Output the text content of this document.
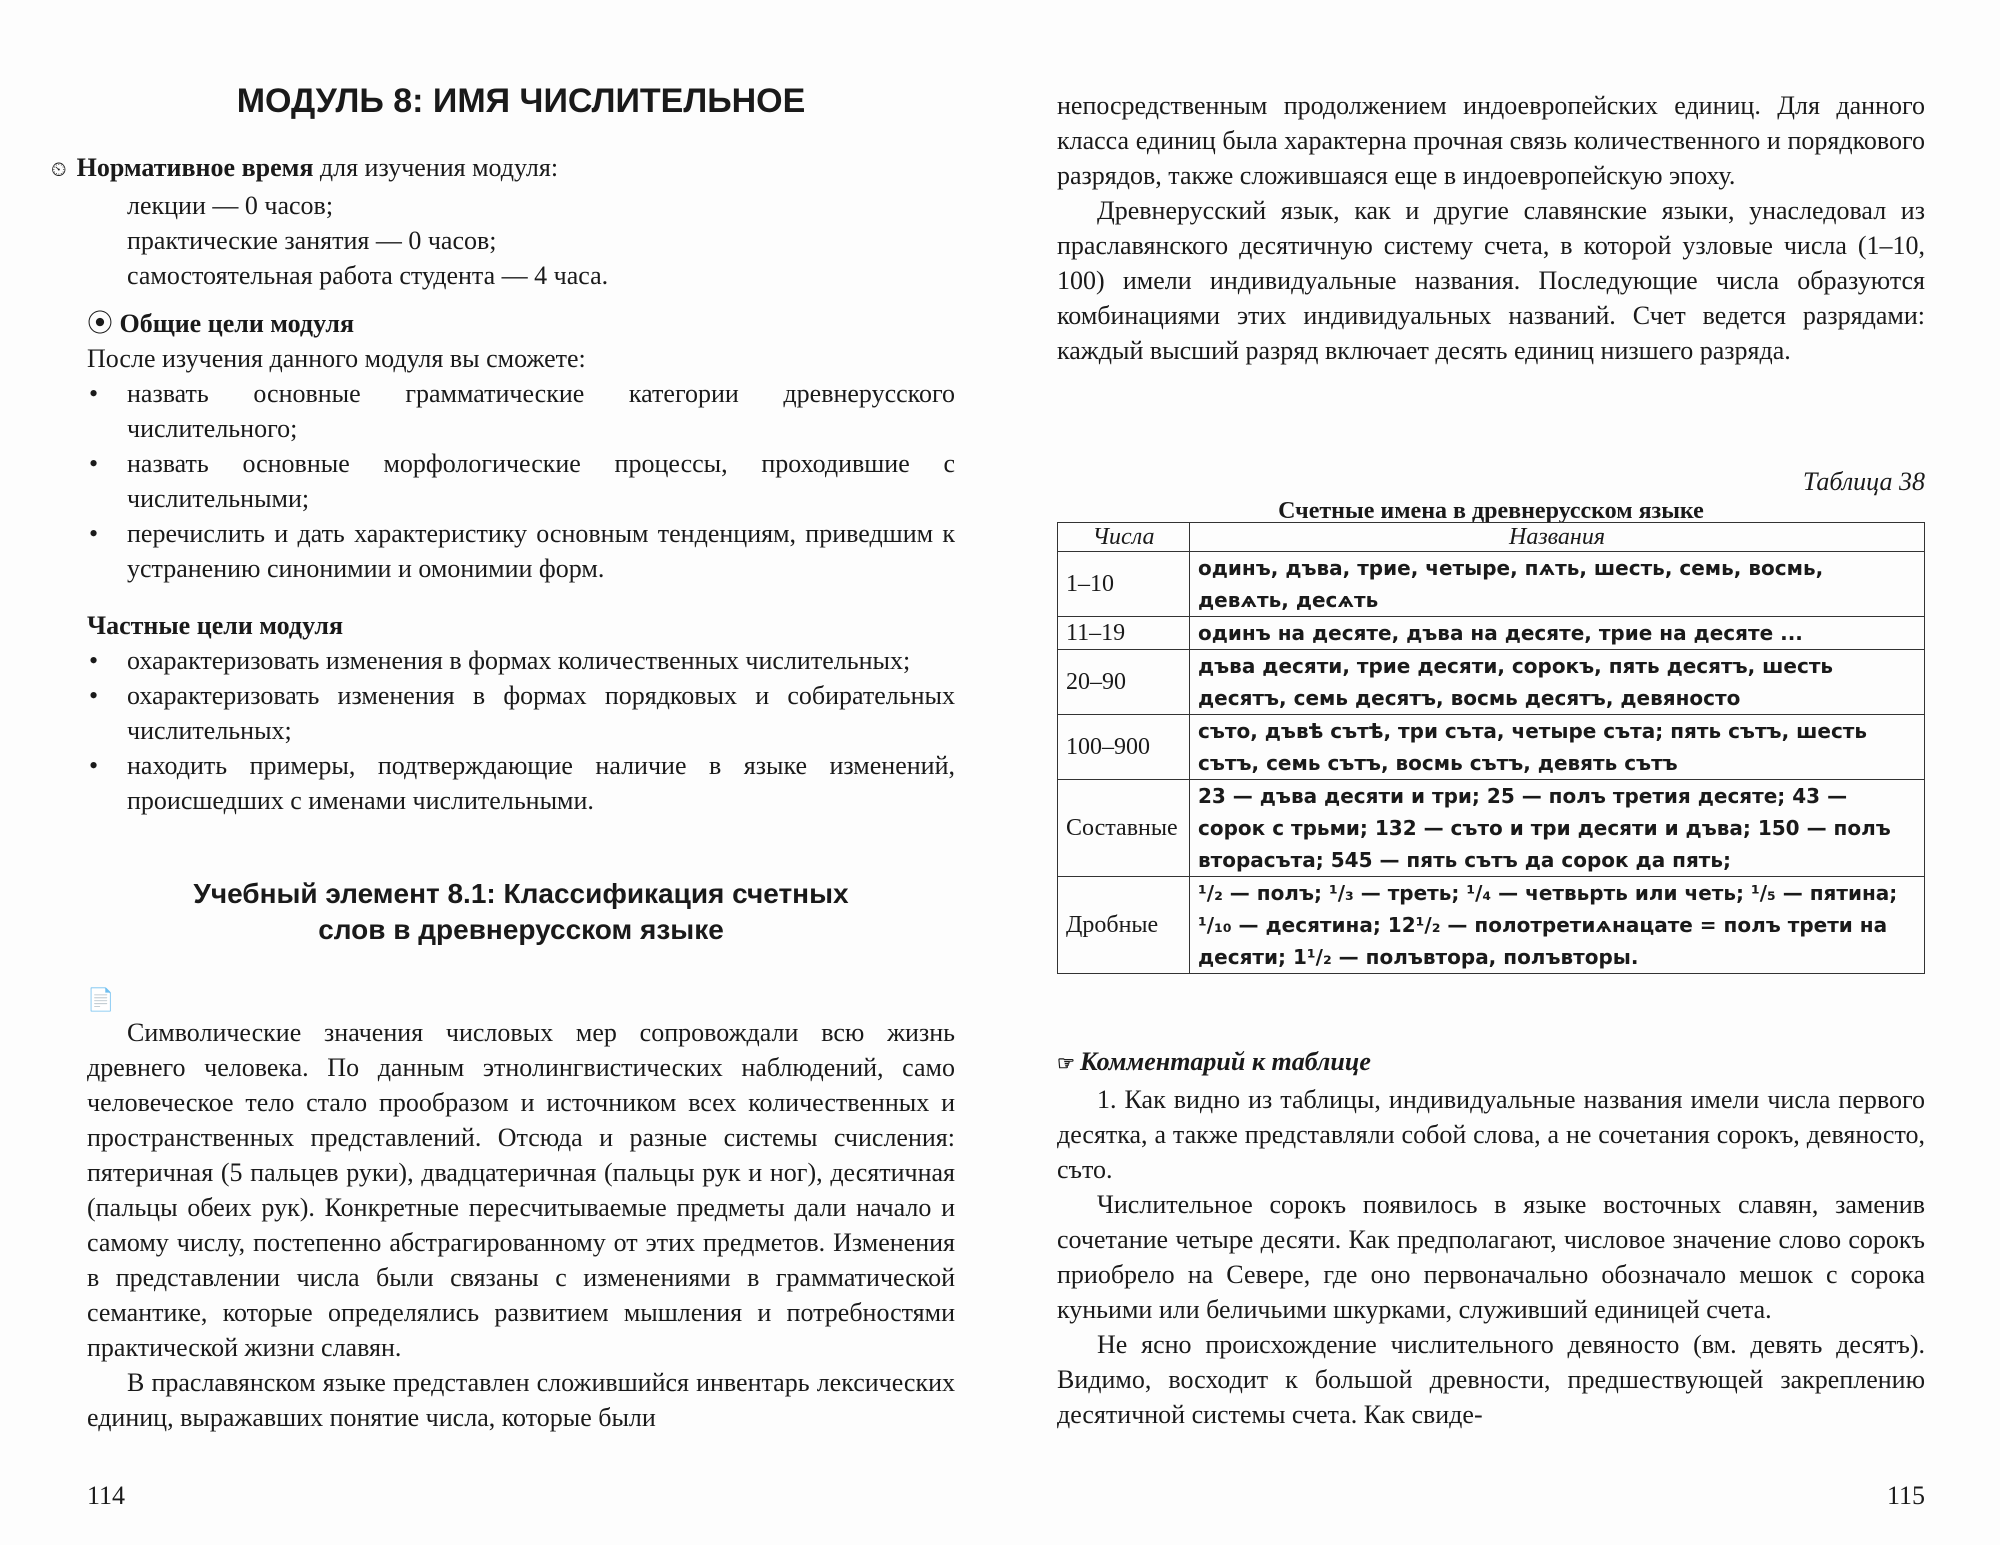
МОДУЛЬ 8: ИМЯ ЧИСЛИТЕЛЬНОЕ

⏲ Нормативное время для изучения модуля:

лекции — 0 часов;

практические занятия — 0 часов;

самостоятельная работа студента — 4 часа.

⦿ Общие цели модуля

После изучения данного модуля вы сможете:

• назвать основные грамматические категории древнерусского числительного;
• назвать основные морфологические процессы, проходившие с числительными;
• перечислить и дать характеристику основным тенденциям, приведшим к устранению синонимии и омонимии форм.

Частные цели модуля

• охарактеризовать изменения в формах количественных числительных;
• охарактеризовать изменения в формах порядковых и собирательных числительных;
• находить примеры, подтверждающие наличие в языке изменений, происшедших с именами числительными.
Учебный элемент 8.1: Классификация счетных слов в древнерусском языке
📄

Символические значения числовых мер сопровождали всю жизнь древнего человека. По данным этнолингвистических наблюдений, само человеческое тело стало прообразом и источником всех количественных и пространственных представлений. Отсюда и разные системы счисления: пятеричная (5 пальцев руки), двадцатеричная (пальцы рук и ног), десятичная (пальцы обеих рук). Конкретные пересчитываемые предметы дали начало и самому числу, постепенно абстрагированному от этих предметов. Изменения в представлении числа были связаны с изменениями в грамматической семантике, которые определялись развитием мышления и потребностями практической жизни славян.

В праславянском языке представлен сложившийся инвентарь лексических единиц, выражавших понятие числа, которые были

114

непосредственным продолжением индоевропейских единиц. Для данного класса единиц была характерна прочная связь количественного и порядкового разрядов, также сложившаяся еще в индоевропейскую эпоху.

Древнерусский язык, как и другие славянские языки, унаследовал из праславянского десятичную систему счета, в которой узловые числа (1–10, 100) имели индивидуальные названия. Последующие числа образуются комбинациями этих индивидуальных названий. Счет ведется разрядами: каждый высший разряд включает десять единиц низшего разряда.

Таблица 38

Счетные имена в древнерусском языке

Числа	Названия
1–10	одинъ, дъва, трие, четыре, пѧть, шесть, семь, восмь, девѧть, десѧть
11–19	одинъ на десяте, дъва на десяте, трие на десяте ...
20–90	дъва десяти, трие десяти, сорокъ, пять десятъ, шесть десятъ, семь десятъ, восмь десятъ, девяносто
100–900	съто, дъвѣ сътѣ, три съта, четыре съта; пять сътъ, шесть сътъ, семь сътъ, восмь сътъ, девять сътъ
Составные	23 — дъва десяти и три; 25 — полъ третия десяте; 43 — сорок с трьми; 132 — съто и три десяти и дъва; 150 — полъ вторасъта; 545 — пять сътъ да сорок да пять;
Дробные	¹/₂ — полъ; ¹/₃ — треть; ¹/₄ — четвьрть или четь; ¹/₅ — пятина; ¹/₁₀ — десятина; 12¹/₂ — полотретиѧнацате = полъ трети на десяти; 1¹/₂ — полъвтора, полъвторы.

☞ Комментарий к таблице

1. Как видно из таблицы, индивидуальные названия имели числа первого десятка, а также представляли собой слова, а не сочетания сорокъ, девяносто, съто.

Числительное сорокъ появилось в языке восточных славян, заменив сочетание четыре десяти. Как предполагают, числовое значение слово сорокъ приобрело на Севере, где оно первоначально обозначало мешок с сорока куньими или беличьими шкурками, служивший единицей счета.

Не ясно происхождение числительного девяносто (вм. девять десятъ). Видимо, восходит к большой древности, предшествующей закреплению десятичной системы счета. Как свиде-

115
